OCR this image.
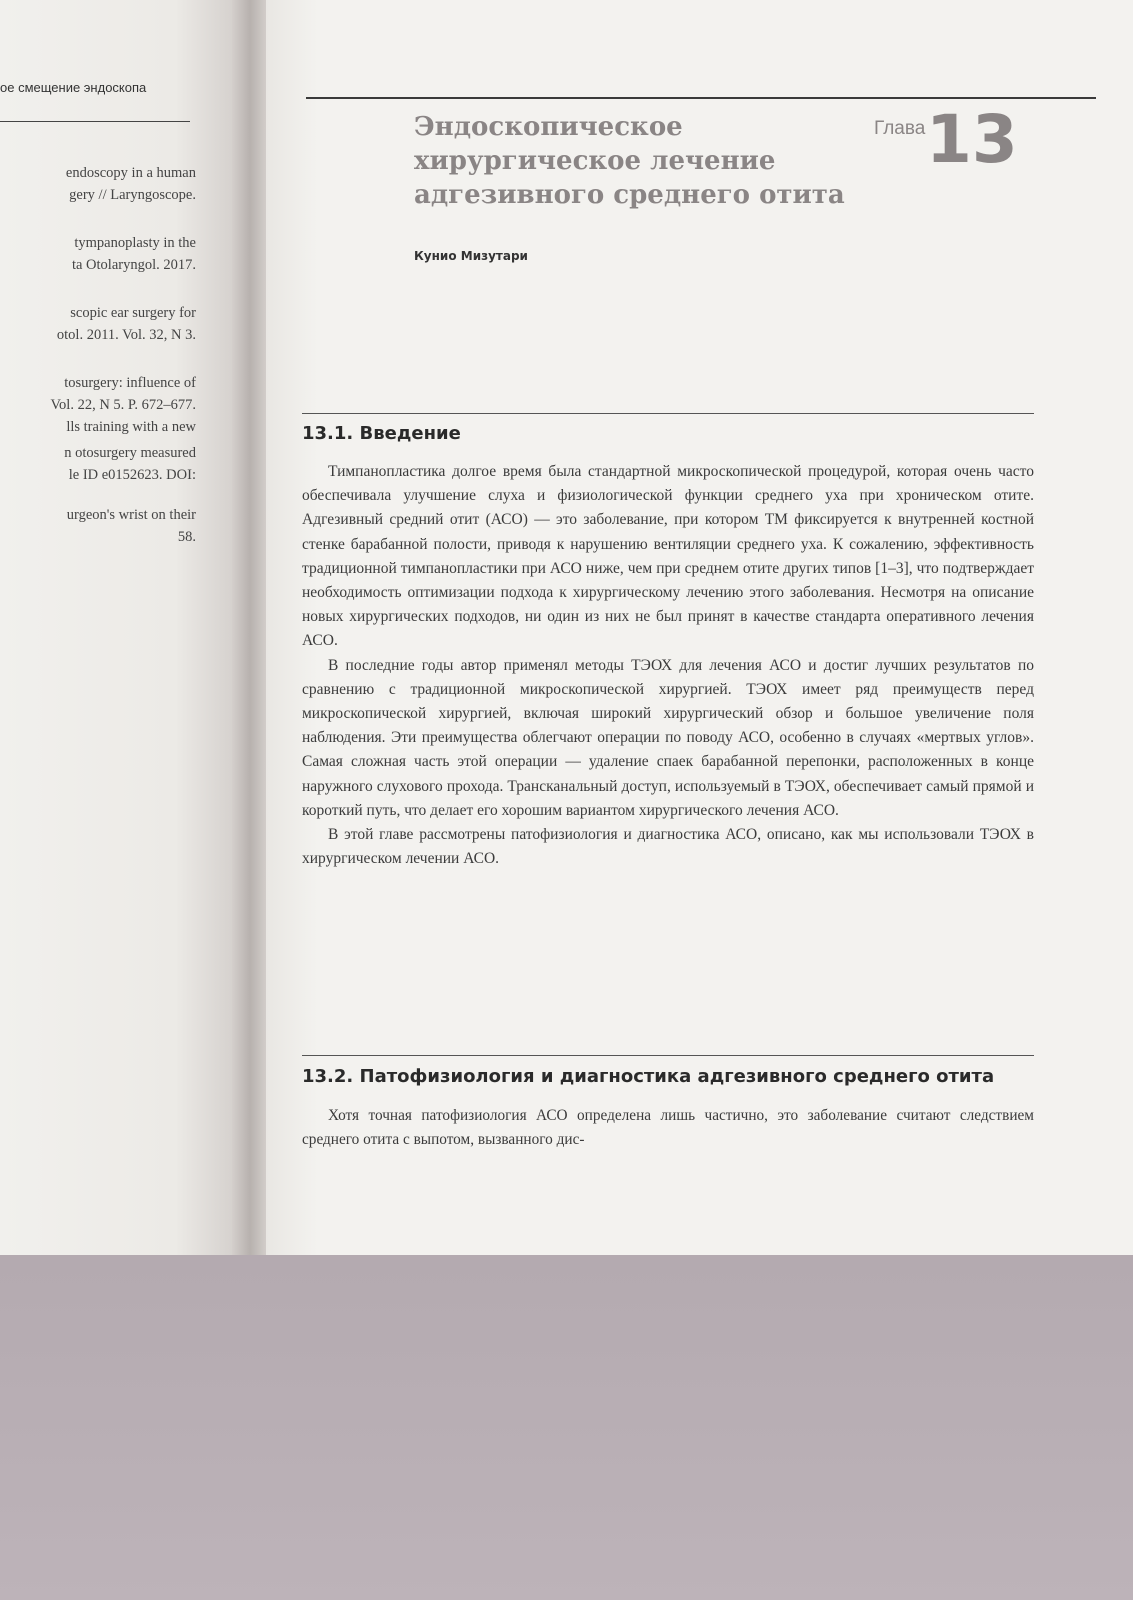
ое смещение эндоскопа
endoscopy in a human
gery // Laryngoscope.
tympanoplasty in the
ta Otolaryngol. 2017.
scopic ear surgery for
otol. 2011. Vol. 32, N 3.
tosurgery: influence of
Vol. 22, N 5. P. 672–677.
lls training with a new

n otosurgery measured
le ID e0152623. DOI:
urgeon's wrist on their
58.

Эндоскопическое хирургическое лечение адгезивного среднего отита
Глава 13
Кунио Мизутари
13.1. Введение

Тимпанопластика долгое время была стандартной микроскопической процедурой, которая очень часто обеспечивала улучшение слуха и физиологической функции среднего уха при хроническом отите. Адгезивный средний отит (АСО) — это заболевание, при котором ТМ фиксируется к внутренней костной стенке барабанной полости, приводя к нарушению вентиляции среднего уха. К сожалению, эффективность традиционной тимпанопластики при АСО ниже, чем при среднем отите других типов [1–3], что подтверждает необходимость оптимизации подхода к хирургическому лечению этого заболевания. Несмотря на описание новых хирургических подходов, ни один из них не был принят в качестве стандарта оперативного лечения АСО.

В последние годы автор применял методы ТЭОХ для лечения АСО и достиг лучших результатов по сравнению с традиционной микроскопической хирургией. ТЭОХ имеет ряд преимуществ перед микроскопической хирургией, включая широкий хирургический обзор и большое увеличение поля наблюдения. Эти преимущества облегчают операции по поводу АСО, особенно в случаях «мертвых углов». Самая сложная часть этой операции — удаление спаек барабанной перепонки, расположенных в конце наружного слухового прохода. Трансканальный доступ, используемый в ТЭОХ, обеспечивает самый прямой и короткий путь, что делает его хорошим вариантом хирургического лечения АСО.

В этой главе рассмотрены патофизиология и диагностика АСО, описано, как мы использовали ТЭОХ в хирургическом лечении АСО.

13.2. Патофизиология и диагностика адгезивного среднего отита

Хотя точная патофизиология АСО определена лишь частично, это заболевание считают следствием среднего отита с выпотом, вызванного дис-
